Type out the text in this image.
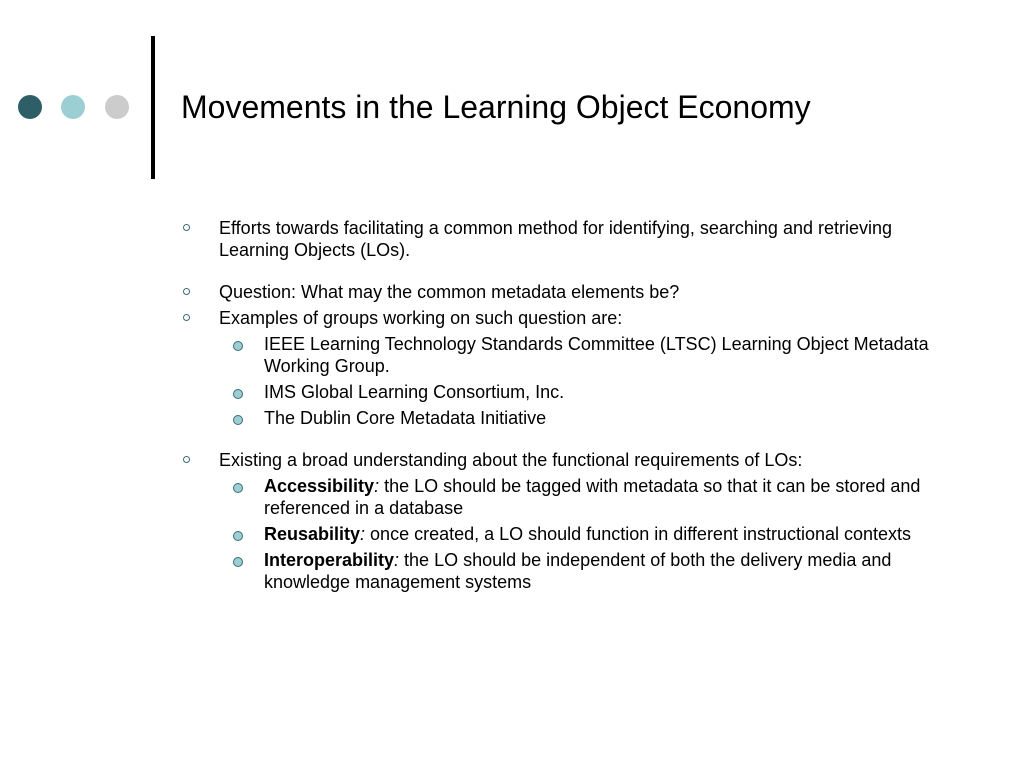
Movements in the Learning Object Economy
Efforts towards facilitating a common method for identifying, searching and retrieving Learning Objects (LOs).
Question: What may the common metadata elements be?
Examples of groups working on such question are:
IEEE Learning Technology Standards Committee (LTSC) Learning Object Metadata Working Group.
IMS Global Learning Consortium, Inc.
The Dublin Core Metadata Initiative
Existing a broad understanding about the functional requirements of LOs:
Accessibility: the LO should be tagged with metadata so that it can be stored and referenced in a database
Reusability: once created, a LO should function in different instructional contexts
Interoperability: the LO should be independent of both the delivery media and knowledge management systems
